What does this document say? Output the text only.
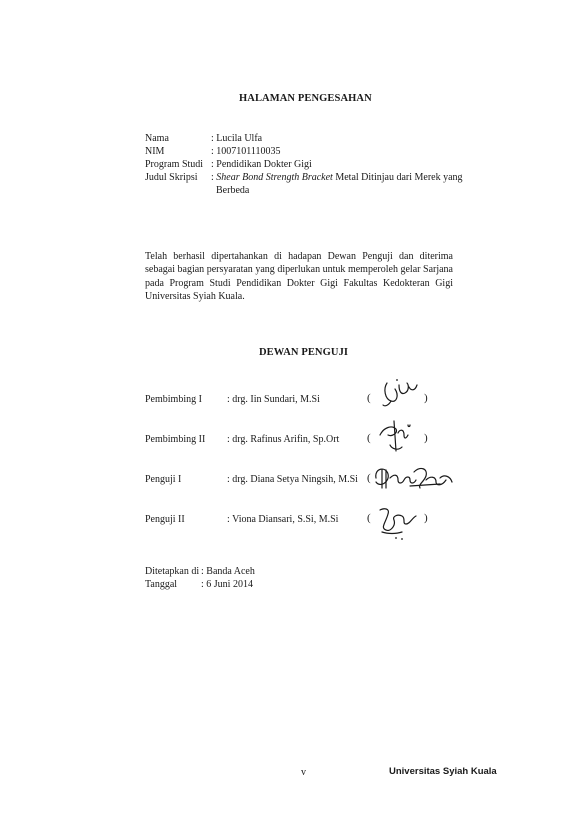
HALAMAN PENGESAHAN
Nama	: Lucila Ulfa
NIM	: 1007101110035
Program Studi : Pendidikan Dokter Gigi
Judul Skripsi : Shear Bond Strength Bracket Metal Ditinjau dari Merek yang
Berbeda
Telah berhasil dipertahankan di hadapan Dewan Penguji dan diterima sebagai bagian persyaratan yang diperlukan untuk memperoleh gelar Sarjana pada Program Studi Pendidikan Dokter Gigi Fakultas Kedokteran Gigi Universitas Syiah Kuala.
DEWAN PENGUJI
Pembimbing I	: drg. Iin Sundari, M.Si	(	)
Pembimbing II : drg. Rafinus Arifin, Sp.Ort	(	)
Penguji I	: drg. Diana Setya Ningsih, M.Si (
Penguji II	: Viona Diansari, S.Si, M.Si	(	)
Ditetapkan di : Banda Aceh
Tanggal : 6 Juni 2014
v	Universitas Syiah Kuala
